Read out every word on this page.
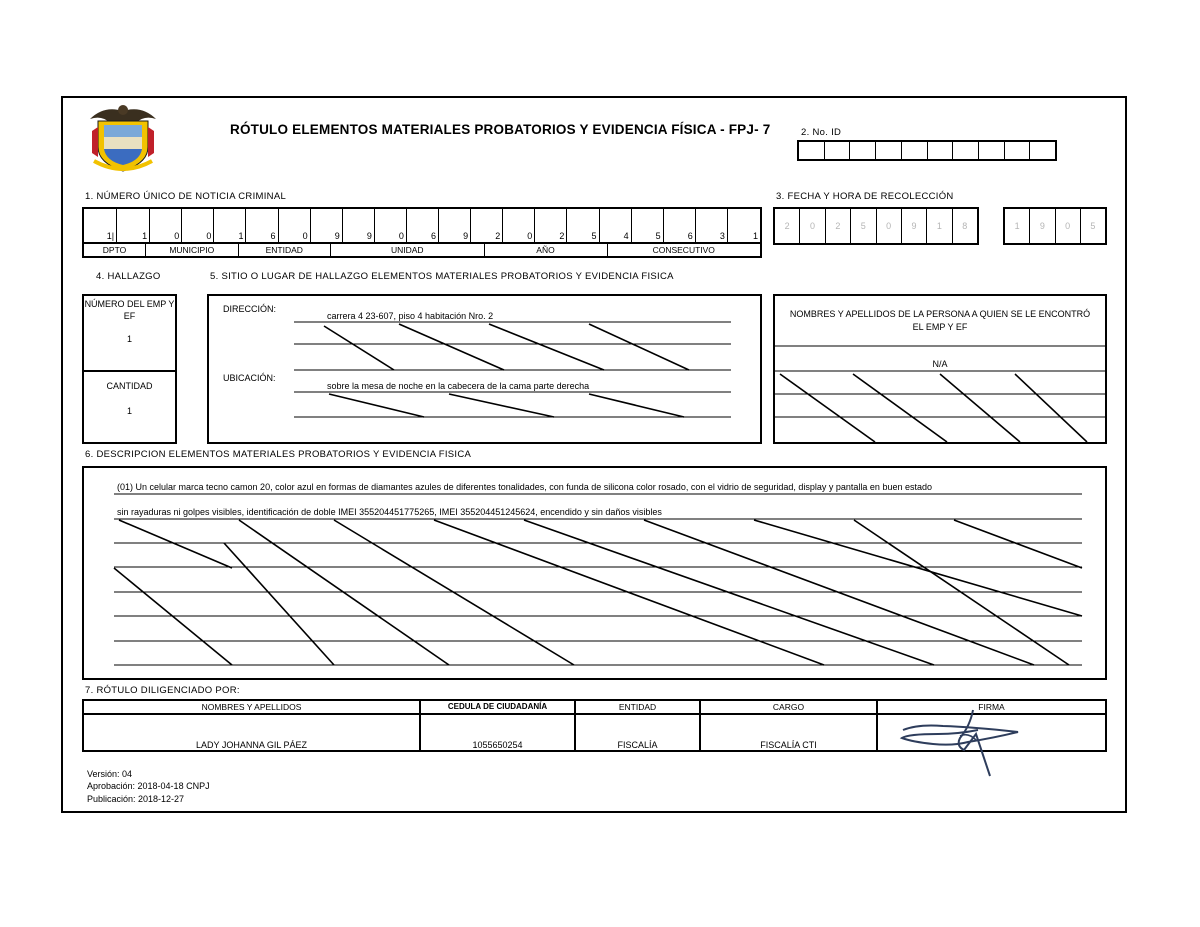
RÓTULO ELEMENTOS MATERIALES PROBATORIOS Y EVIDENCIA FÍSICA - FPJ- 7	2. No. ID
1. NÚMERO ÚNICO DE NOTICIA CRIMINAL
1|	1	0	0	1	6	0	9	9	0	6	9	2	0	2	5	4	5	6	3	1
DPTO	MUNICIPIO	ENTIDAD	UNIDAD	AÑO	CONSECUTIVO
3. FECHA Y HORA DE RECOLECCIÓN
2	0	2	5	0	9	1	8	1	9	0	5
4. HALLAZGO
NÚMERO DEL EMP Y EF
1
CANTIDAD
1
5. SITIO O LUGAR DE HALLAZGO ELEMENTOS MATERIALES PROBATORIOS Y EVIDENCIA FISICA
DIRECCIÓN:
carrera 4 23-607, piso 4 habitación Nro. 2
UBICACIÓN:
sobre la mesa de noche en la cabecera de la cama parte derecha
NOMBRES Y APELLIDOS DE LA PERSONA A QUIEN SE LE ENCONTRÓ EL EMP Y EF
N/A
6. DESCRIPCION ELEMENTOS MATERIALES PROBATORIOS Y EVIDENCIA FISICA
(01) Un celular marca tecno camon 20, color azul en formas de diamantes azules de diferentes tonalidades, con funda de silicona color rosado, con el vidrio de seguridad, display y pantalla en buen estado
sin rayaduras ni golpes visibles, identificación de doble IMEI 355204451775265, IMEI 355204451245624, encendido y sin daños visibles
7. RÓTULO DILIGENCIADO POR:
NOMBRES Y APELLIDOS	CEDULA DE CIUDADANÍA	ENTIDAD	CARGO	FIRMA
LADY JOHANNA GIL PÁEZ	1055650254	FISCALÍA	FISCALÍA CTI
Versión: 04
Aprobación: 2018-04-18 CNPJ
Publicación: 2018-12-27
